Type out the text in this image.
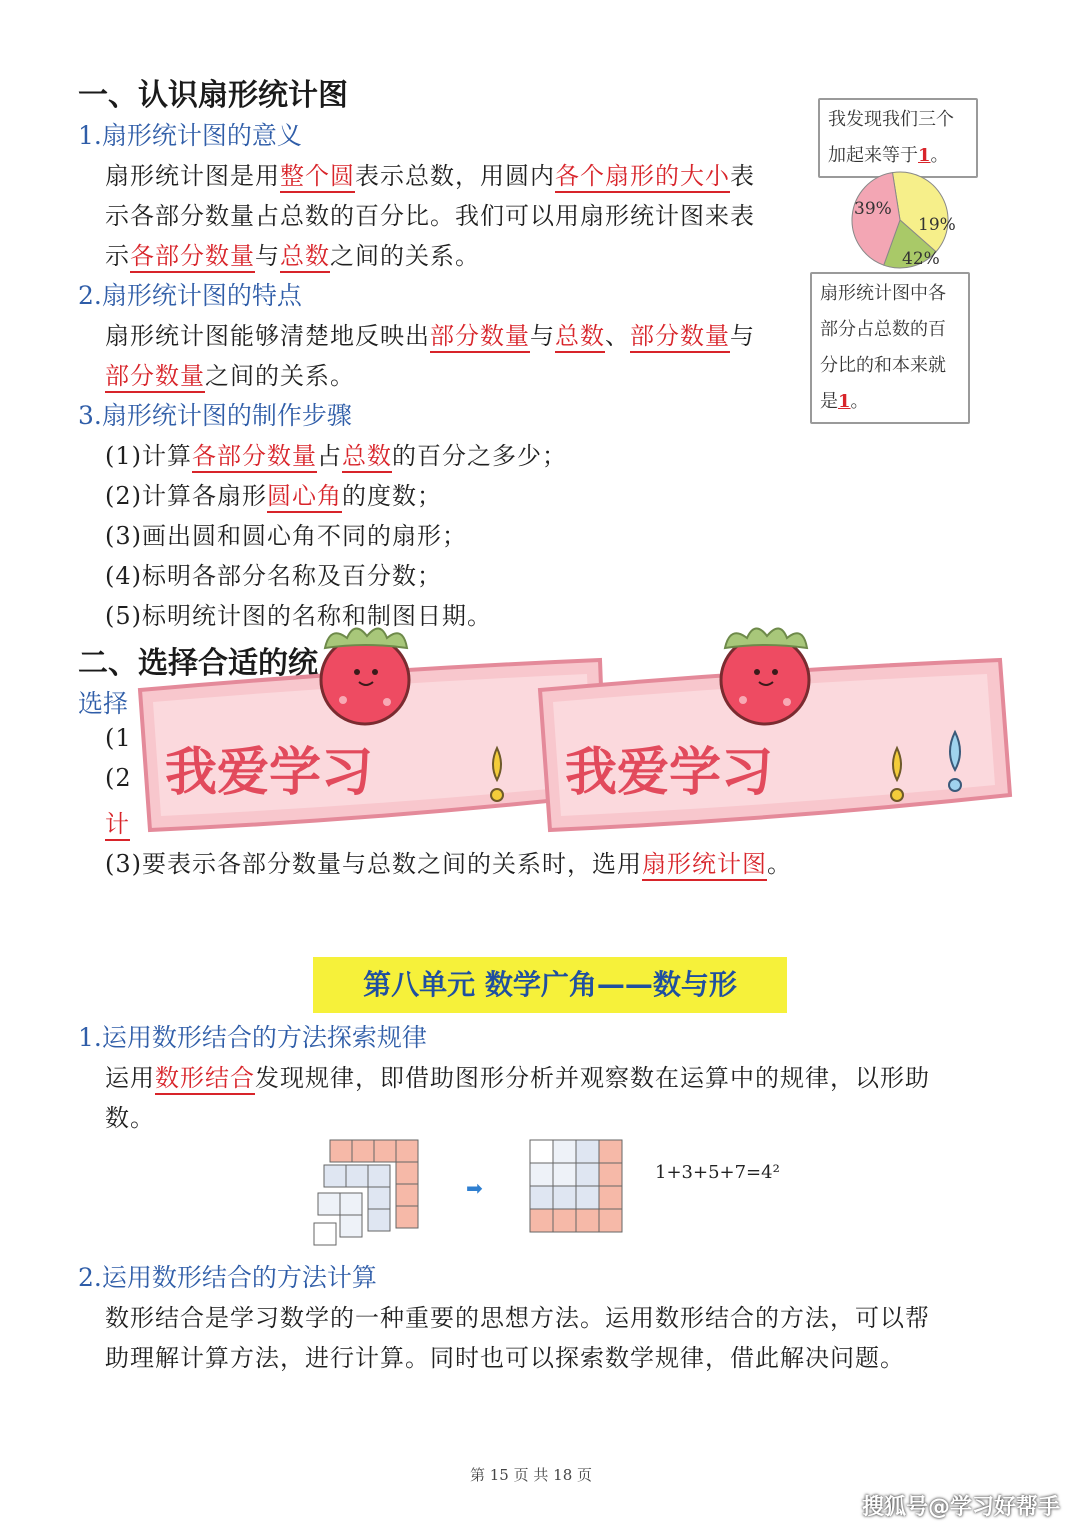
一、认识扇形统计图
1.扇形统计图的意义
扇形统计图是用整个圆表示总数，用圆内各个扇形的大小表
示各部分数量占总数的百分比。我们可以用扇形统计图来表
示各部分数量与总数之间的关系。
2.扇形统计图的特点
扇形统计图能够清楚地反映出部分数量与总数、部分数量与
部分数量之间的关系。
3.扇形统计图的制作步骤
(1)计算各部分数量占总数的百分之多少；
(2)计算各扇形圆心角的度数；
(3)画出圆和圆心角不同的扇形；
(4)标明各部分名称及百分数；
(5)标明统计图的名称和制图日期。
我发现我们三个加起来等于1。
39%
19%
42%
扇形统计图中各部分占总数的百分比的和本来就是1。
二、选择合适的统
选择
(1
(2
计
(3)要表示各部分数量与总数之间的关系时，选用扇形统计图。
我爱学习	我爱学习
第八单元 数学广角——数与形
1.运用数形结合的方法探索规律
运用数形结合发现规律，即借助图形分析并观察数在运算中的规律，以形助
数。
➡
1+3+5+7=4²
2.运用数形结合的方法计算
数形结合是学习数学的一种重要的思想方法。运用数形结合的方法，可以帮
助理解计算方法，进行计算。同时也可以探索数学规律，借此解决问题。
第 15 页 共 18 页
搜狐号@学习好帮手
